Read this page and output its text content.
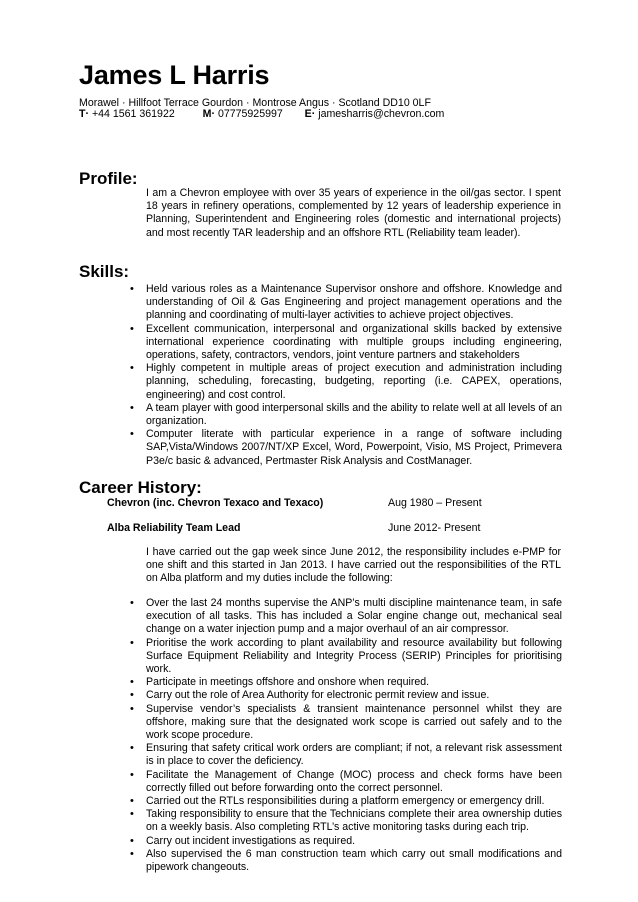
James L Harris
Morawel · Hillfoot Terrace Gourdon · Montrose Angus · Scotland DD10 0LF
T· +44 1561 361922	M· 07775925997 E· jamesharris@chevron.com
Profile:
I am a Chevron employee with over 35 years of experience in the oil/gas sector. I spent 18 years in refinery operations, complemented by 12 years of leadership experience in Planning, Superintendent and Engineering roles (domestic and international projects) and most recently TAR leadership and an offshore RTL (Reliability team leader).
Skills:
• Held various roles as a Maintenance Supervisor onshore and offshore. Knowledge and understanding of Oil & Gas Engineering and project management operations and the planning and coordinating of multi-layer activities to achieve project objectives.
• Excellent communication, interpersonal and organizational skills backed by extensive international experience coordinating with multiple groups including engineering, operations, safety, contractors, vendors, joint venture partners and stakeholders
• Highly competent in multiple areas of project execution and administration including planning, scheduling, forecasting, budgeting, reporting (i.e. CAPEX, operations, engineering) and cost control.
• A team player with good interpersonal skills and the ability to relate well at all levels of an organization.
• Computer literate with particular experience in a range of software including SAP,Vista/Windows 2007/NT/XP Excel, Word, Powerpoint, Visio, MS Project, Primevera P3e/c basic & advanced, Pertmaster Risk Analysis and CostManager.
Career History:
Chevron (inc. Chevron Texaco and Texaco)	Aug 1980 – Present
Alba Reliability Team Lead	June 2012- Present
I have carried out the gap week since June 2012, the responsibility includes e-PMP for one shift and this started in Jan 2013. I have carried out the responsibilities of the RTL on Alba platform and my duties include the following:
• Over the last 24 months supervise the ANP’s multi discipline maintenance team, in safe execution of all tasks. This has included a Solar engine change out, mechanical seal change on a water injection pump and a major overhaul of an air compressor.
• Prioritise the work according to plant availability and resource availability but following Surface Equipment Reliability and Integrity Process (SERIP) Principles for prioritising work.
• Participate in meetings offshore and onshore when required.
• Carry out the role of Area Authority for electronic permit review and issue.
• Supervise vendor’s specialists & transient maintenance personnel whilst they are offshore, making sure that the designated work scope is carried out safely and to the work scope procedure.
• Ensuring that safety critical work orders are compliant; if not, a relevant risk assessment is in place to cover the deficiency.
• Facilitate the Management of Change (MOC) process and check forms have been correctly filled out before forwarding onto the correct personnel.
• Carried out the RTLs responsibilities during a platform emergency or emergency drill.
• Taking responsibility to ensure that the Technicians complete their area ownership duties on a weekly basis. Also completing RTL’s active monitoring tasks during each trip.
• Carry out incident investigations as required.
• Also supervised the 6 man construction team which carry out small modifications and pipework changeouts.
